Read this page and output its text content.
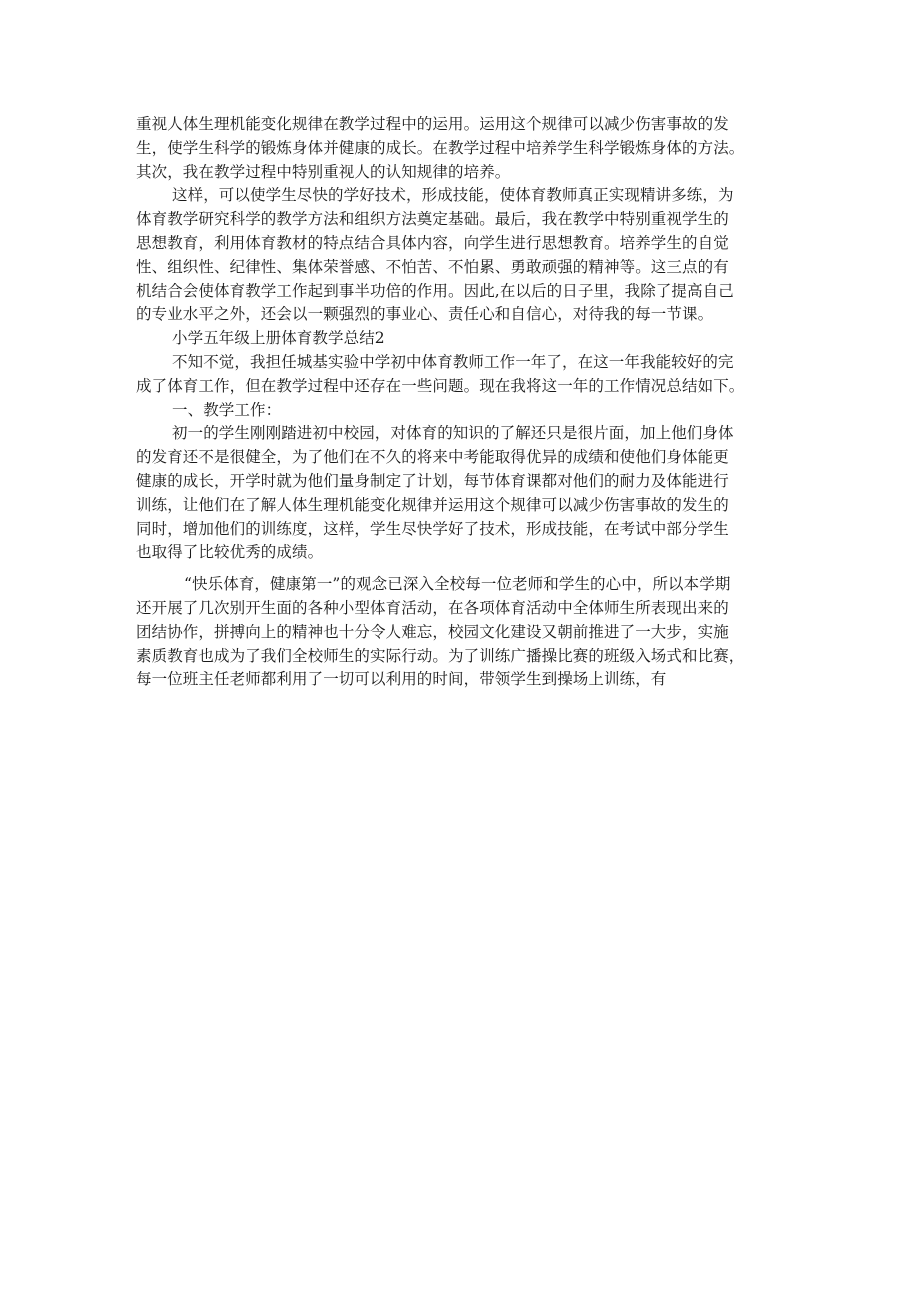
重视人体生理机能变化规律在教学过程中的运用。运用这个规律可以减少伤害事故的发
生，使学生科学的锻炼身体并健康的成长。在教学过程中培养学生科学锻炼身体的方法。
其次，我在教学过程中特别重视人的认知规律的培养。
这样，可以使学生尽快的学好技术，形成技能，使体育教师真正实现精讲多练，为
体育教学研究科学的教学方法和组织方法奠定基础。最后，我在教学中特别重视学生的
思想教育，利用体育教材的特点结合具体内容，向学生进行思想教育。培养学生的自觉
性、组织性、纪律性、集体荣誉感、不怕苦、不怕累、勇敢顽强的精神等。这三点的有
机结合会使体育教学工作起到事半功倍的作用。因此,在以后的日子里，我除了提高自己
的专业水平之外，还会以一颗强烈的事业心、责任心和自信心，对待我的每一节课。
小学五年级上册体育教学总结2
不知不觉，我担任城基实验中学初中体育教师工作一年了，在这一年我能较好的完
成了体育工作，但在教学过程中还存在一些问题。现在我将这一年的工作情况总结如下。
一、教学工作：
初一的学生刚刚踏进初中校园，对体育的知识的了解还只是很片面，加上他们身体
的发育还不是很健全，为了他们在不久的将来中考能取得优异的成绩和使他们身体能更
健康的成长，开学时就为他们量身制定了计划，每节体育课都对他们的耐力及体能进行
训练，让他们在了解人体生理机能变化规律并运用这个规律可以减少伤害事故的发生的
同时，增加他们的训练度，这样，学生尽快学好了技术，形成技能，在考试中部分学生
也取得了比较优秀的成绩。
“快乐体育，健康第一”的观念已深入全校每一位老师和学生的心中，所以本学期
还开展了几次别开生面的各种小型体育活动，在各项体育活动中全体师生所表现出来的
团结协作，拼搏向上的精神也十分令人难忘，校园文化建设又朝前推进了一大步，实施
素质教育也成为了我们全校师生的实际行动。为了训练广播操比赛的班级入场式和比赛，
每一位班主任老师都利用了一切可以利用的时间，带领学生到操场上训练，有
